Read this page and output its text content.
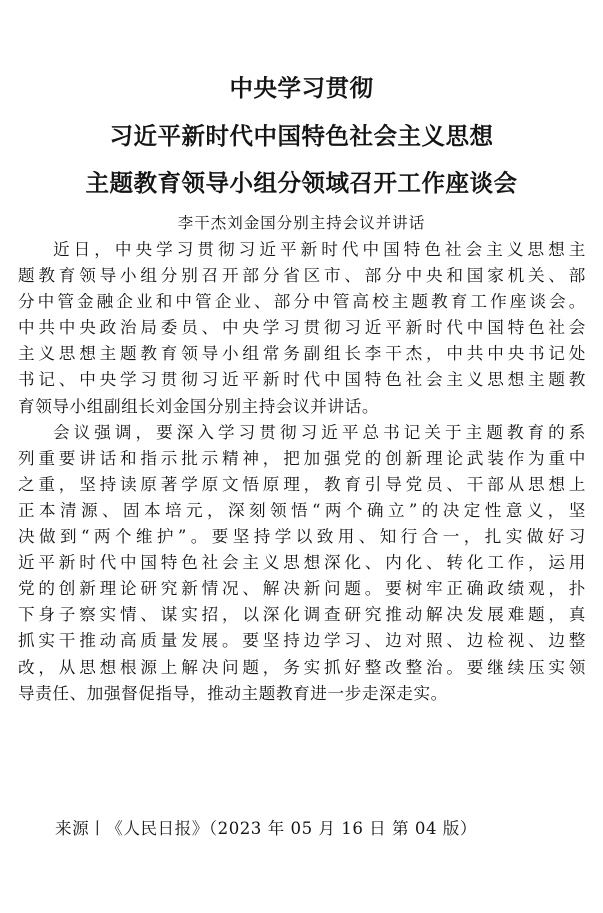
中央学习贯彻
习近平新时代中国特色社会主义思想
主题教育领导小组分领域召开工作座谈会
李干杰刘金国分别主持会议并讲话
近日，中央学习贯彻习近平新时代中国特色社会主义思想主
题教育领导小组分别召开部分省区市、部分中央和国家机关、部
分中管金融企业和中管企业、部分中管高校主题教育工作座谈会。
中共中央政治局委员、中央学习贯彻习近平新时代中国特色社会
主义思想主题教育领导小组常务副组长李干杰，中共中央书记处
书记、中央学习贯彻习近平新时代中国特色社会主义思想主题教
育领导小组副组长刘金国分别主持会议并讲话。
会议强调，要深入学习贯彻习近平总书记关于主题教育的系
列重要讲话和指示批示精神，把加强党的创新理论武装作为重中
之重，坚持读原著学原文悟原理，教育引导党员、干部从思想上
正本清源、固本培元，深刻领悟“两个确立”的决定性意义，坚
决做到“两个维护”。要坚持学以致用、知行合一，扎实做好习
近平新时代中国特色社会主义思想深化、内化、转化工作，运用
党的创新理论研究新情况、解决新问题。要树牢正确政绩观，扑
下身子察实情、谋实招，以深化调查研究推动解决发展难题，真
抓实干推动高质量发展。要坚持边学习、边对照、边检视、边整
改，从思想根源上解决问题，务实抓好整改整治。要继续压实领
导责任、加强督促指导，推动主题教育进一步走深走实。
来源丨《人民日报》（2023 年 05 月 16 日 第 04 版）
